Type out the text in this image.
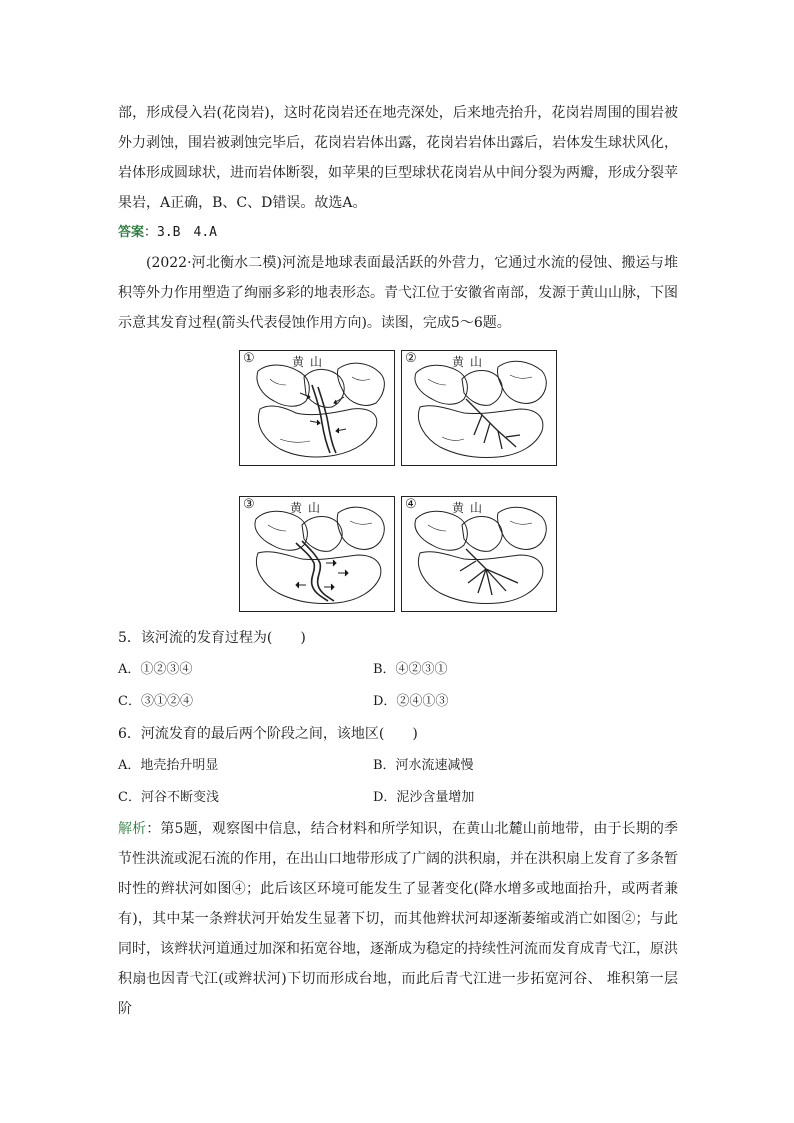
部，形成侵入岩(花岗岩)，这时花岗岩还在地壳深处，后来地壳抬升，花岗岩周围的围岩被外力剥蚀，围岩被剥蚀完毕后，花岗岩岩体出露，花岗岩岩体出露后，岩体发生球状风化，岩体形成圆球状，进而岩体断裂，如苹果的巨型球状花岗岩从中间分裂为两瓣，形成分裂苹果岩，A正确，B、C、D错误。故选A。

答案：3.B　4.A

(2022·河北衡水二模)河流是地球表面最活跃的外营力，它通过水流的侵蚀、搬运与堆积等外力作用塑造了绚丽多彩的地表形态。青弋江位于安徽省南部，发源于黄山山脉，下图示意其发育过程(箭头代表侵蚀作用方向)。读图，完成5～6题。

①	黄山	②	黄山
③	黄山	④	黄山

5．该河流的发育过程为(　　)

A．①②③④	B．④②③①
C．③①②④	D．②④①③

6．河流发育的最后两个阶段之间，该地区(　　)

A．地壳抬升明显	B．河水流速减慢
C．河谷不断变浅	D．泥沙含量增加

解析：第5题，观察图中信息，结合材料和所学知识，在黄山北麓山前地带，由于长期的季节性洪流或泥石流的作用，在出山口地带形成了广阔的洪积扇，并在洪积扇上发育了多条暂时性的辫状河如图④；此后该区环境可能发生了显著变化(降水增多或地面抬升，或两者兼有)，其中某一条辫状河开始发生显著下切，而其他辫状河却逐渐萎缩或消亡如图②；与此同时，该辫状河道通过加深和拓宽谷地，逐渐成为稳定的持续性河流而发育成青弋江，原洪积扇也因青弋江(或辫状河)下切而形成台地，而此后青弋江进一步拓宽河谷、 堆积第一层阶
